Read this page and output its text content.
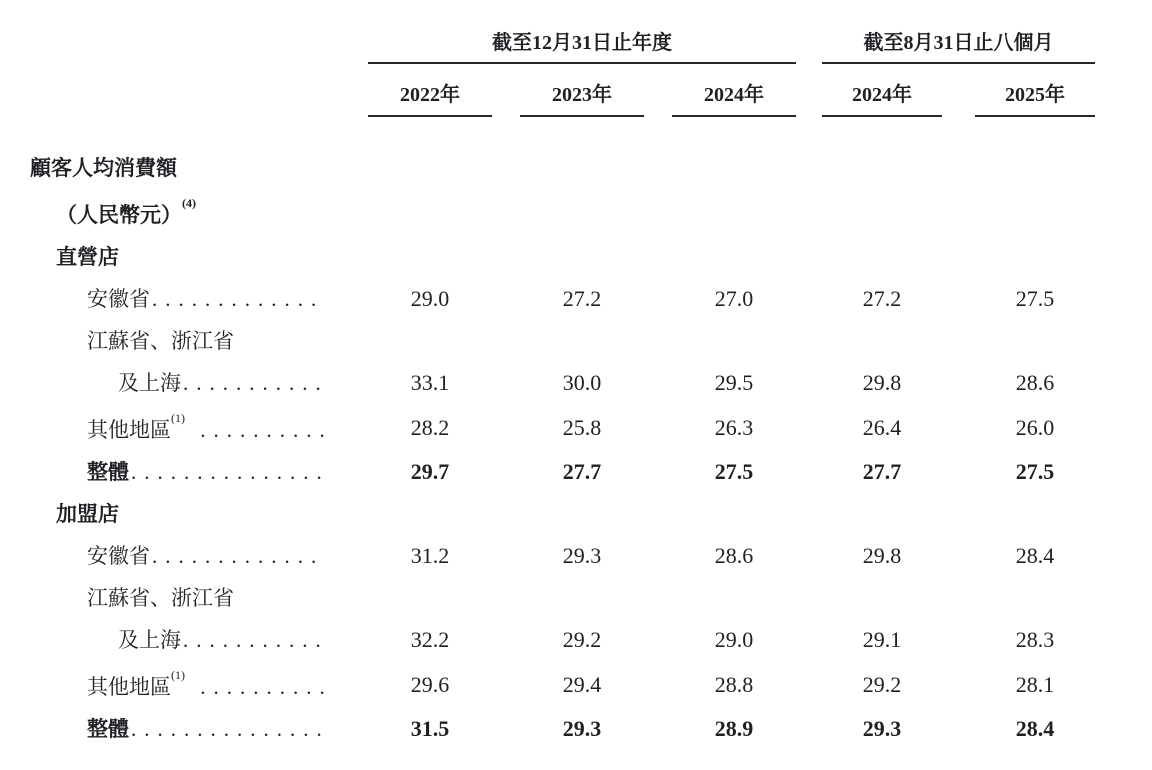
	截至12月31日止年度						截至8月31日止八個月		
	2022年		2023年		2024年		2024年		2025年
顧客人均消費額									
（人民幣元）$^{(4)}$									
直營店									
安徽省.............	29.0		27.2		27.0		27.2		27.5
江蘇省、浙江省									
及上海...........	33.1		30.0		29.5		29.8		28.6
其他地區$^{(1)}$ ..........	28.2		25.8		26.3		26.4		26.0
整體...............	29.7		27.7		27.5		27.7		27.5
加盟店									
安徽省.............	31.2		29.3		28.6		29.8		28.4
江蘇省、浙江省									
及上海...........	32.2		29.2		29.0		29.1		28.3
其他地區$^{(1)}$ ..........	29.6		29.4		28.8		29.2		28.1
整體...............	31.5		29.3		28.9		29.3		28.4
